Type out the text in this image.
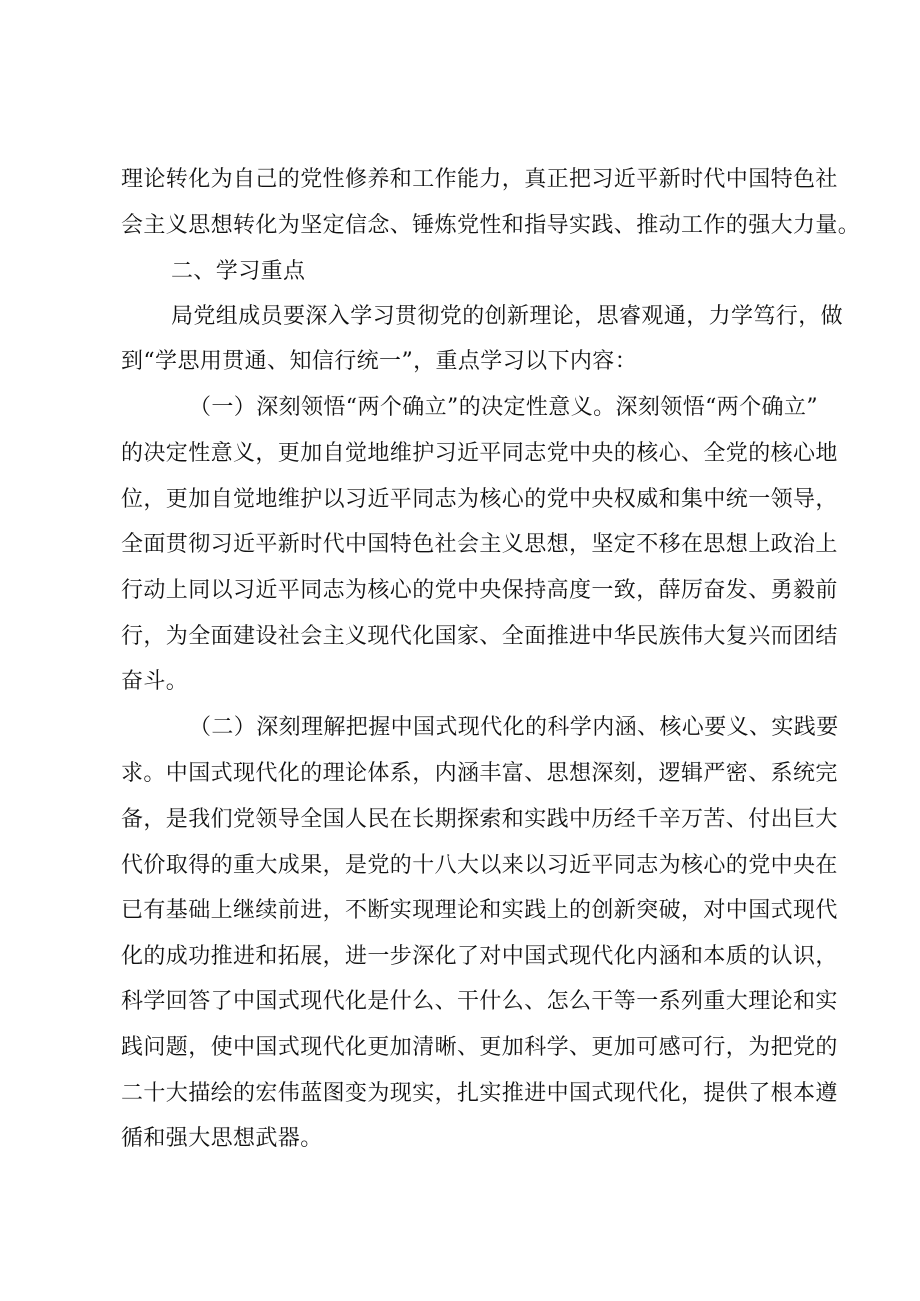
理论转化为自己的党性修养和工作能力，真正把习近平新时代中国特色社
会主义思想转化为坚定信念、锤炼党性和指导实践、推动工作的强大力量。
二、学习重点
局党组成员要深入学习贯彻党的创新理论，思睿观通，力学笃行，做
到“学思用贯通、知信行统一”，重点学习以下内容：
（一）深刻领悟“两个确立”的决定性意义。深刻领悟“两个确立”
的决定性意义，更加自觉地维护习近平同志党中央的核心、全党的核心地
位，更加自觉地维护以习近平同志为核心的党中央权威和集中统一领导，
全面贯彻习近平新时代中国特色社会主义思想，坚定不移在思想上政治上
行动上同以习近平同志为核心的党中央保持高度一致，薛厉奋发、勇毅前
行，为全面建设社会主义现代化国家、全面推进中华民族伟大复兴而团结
奋斗。
（二）深刻理解把握中国式现代化的科学内涵、核心要义、实践要
求。中国式现代化的理论体系，内涵丰富、思想深刻，逻辑严密、系统完
备，是我们党领导全国人民在长期探索和实践中历经千辛万苦、付出巨大
代价取得的重大成果，是党的十八大以来以习近平同志为核心的党中央在
已有基础上继续前进，不断实现理论和实践上的创新突破，对中国式现代
化的成功推进和拓展，进一步深化了对中国式现代化内涵和本质的认识，
科学回答了中国式现代化是什么、干什么、怎么干等一系列重大理论和实
践问题，使中国式现代化更加清晰、更加科学、更加可感可行，为把党的
二十大描绘的宏伟蓝图变为现实，扎实推进中国式现代化，提供了根本遵
循和强大思想武器。
